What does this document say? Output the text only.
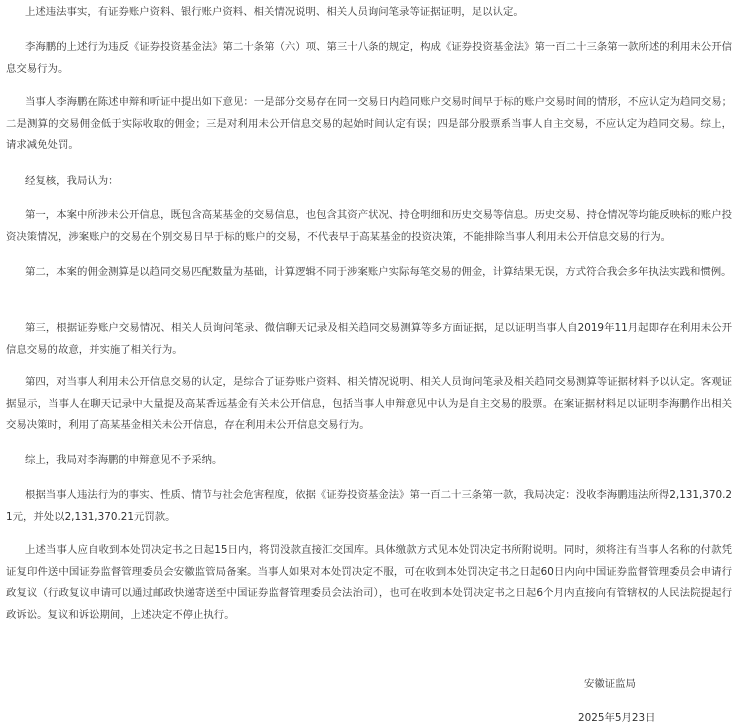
上述违法事实，有证券账户资料、银行账户资料、相关情况说明、相关人员询问笔录等证据证明，足以认定。

李海鹏的上述行为违反《证券投资基金法》第二十条第（六）项、第三十八条的规定，构成《证券投资基金法》第一百二十三条第一款所述的利用未公开信息交易行为。

当事人李海鹏在陈述申辩和听证中提出如下意见：一是部分交易存在同一交易日内趋同账户交易时间早于标的账户交易时间的情形，不应认定为趋同交易；二是测算的交易佣金低于实际收取的佣金；三是对利用未公开信息交易的起始时间认定有误；四是部分股票系当事人自主交易，不应认定为趋同交易。综上，请求减免处罚。

经复核，我局认为：

第一，本案中所涉未公开信息，既包含高某基金的交易信息，也包含其资产状况、持仓明细和历史交易等信息。历史交易、持仓情况等均能反映标的账户投资决策情况，涉案账户的交易在个别交易日早于标的账户的交易，不代表早于高某基金的投资决策，不能排除当事人利用未公开信息交易的行为。

第二，本案的佣金测算是以趋同交易匹配数量为基础，计算逻辑不同于涉案账户实际每笔交易的佣金，计算结果无误，方式符合我会多年执法实践和惯例。

第三，根据证券账户交易情况、相关人员询问笔录、微信聊天记录及相关趋同交易测算等多方面证据，足以证明当事人自2019年11月起即存在利用未公开信息交易的故意，并实施了相关行为。

第四，对当事人利用未公开信息交易的认定，是综合了证券账户资料、相关情况说明、相关人员询问笔录及相关趋同交易测算等证据材料予以认定。客观证据显示，当事人在聊天记录中大量提及高某香远基金有关未公开信息，包括当事人申辩意见中认为是自主交易的股票。在案证据材料足以证明李海鹏作出相关交易决策时，利用了高某基金相关未公开信息，存在利用未公开信息交易行为。

综上，我局对李海鹏的申辩意见不予采纳。

根据当事人违法行为的事实、性质、情节与社会危害程度，依据《证券投资基金法》第一百二十三条第一款，我局决定：没收李海鹏违法所得2,131,370.21元，并处以2,131,370.21元罚款。

上述当事人应自收到本处罚决定书之日起15日内，将罚没款直接汇交国库。具体缴款方式见本处罚决定书所附说明。同时，须将注有当事人名称的付款凭证复印件送中国证券监督管理委员会安徽监管局备案。当事人如果对本处罚决定不服，可在收到本处罚决定书之日起60日内向中国证券监督管理委员会申请行政复议（行政复议申请可以通过邮政快递寄送至中国证券监督管理委员会法治司），也可在收到本处罚决定书之日起6个月内直接向有管辖权的人民法院提起行政诉讼。复议和诉讼期间，上述决定不停止执行。

安徽证监局
2025年5月23日
